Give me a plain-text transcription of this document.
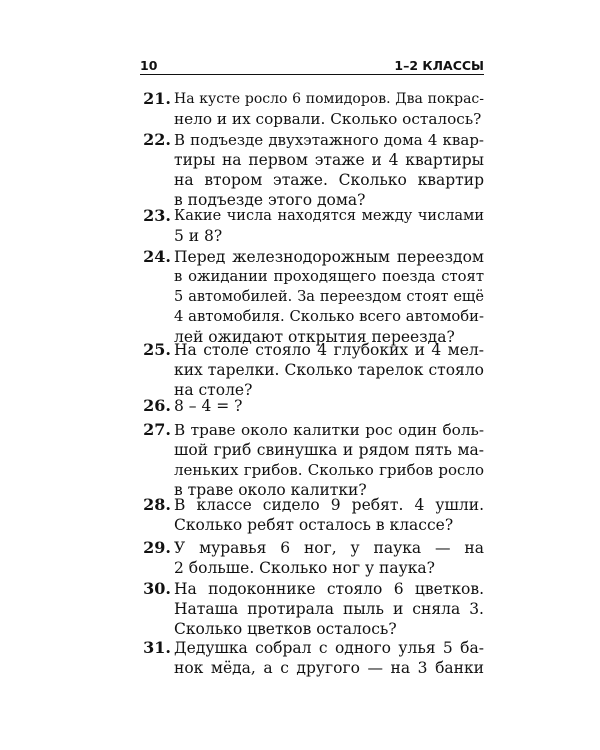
10	1–2 КЛАССЫ
21. На кусте росло 6 помидоров. Два покрас-
нело и их сорвали. Сколько осталось?
22. В подъезде двухэтажного дома 4 квар-
тиры на первом этаже и 4 квартиры
на втором этаже. Сколько квартир
в подъезде этого дома?
23. Какие числа находятся между числами
5 и 8?
24. Перед железнодорожным переездом
в ожидании проходящего поезда стоят
5 автомобилей. За переездом стоят ещё
4 автомобиля. Сколько всего автомоби-
лей ожидают открытия переезда?
25. На столе стояло 4 глубоких и 4 мел-
ких тарелки. Сколько тарелок стояло
на столе?
26. 8 – 4 = ?
27. В траве около калитки рос один боль-
шой гриб свинушка и рядом пять ма-
леньких грибов. Сколько грибов росло
в траве около калитки?
28. В классе сидело 9 ребят. 4 ушли.
Сколько ребят осталось в классе?
29. У муравья 6 ног, у паука — на
2 больше. Сколько ног у паука?
30. На подоконнике стояло 6 цветков.
Наташа протирала пыль и сняла 3.
Сколько цветков осталось?
31. Дедушка собрал с одного улья 5 ба-
нок мёда, а с другого — на 3 банки
